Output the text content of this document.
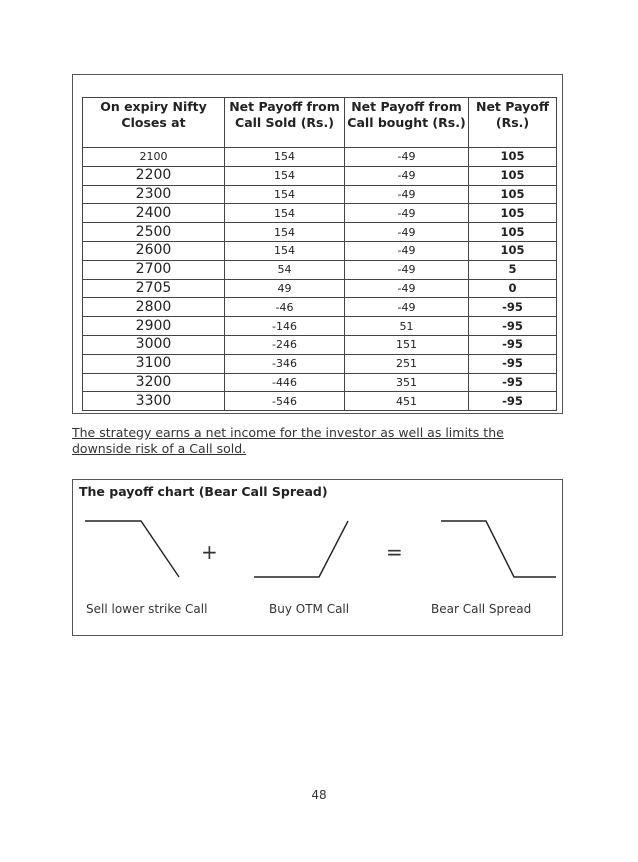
On expiry Nifty Closes at	Net Payoff from Call Sold (Rs.)	Net Payoff from Call bought (Rs.)	Net Payoff (Rs.)
2100	154	-49	105
2200	154	-49	105
2300	154	-49	105
2400	154	-49	105
2500	154	-49	105
2600	154	-49	105
2700	54	-49	5
2705	49	-49	0
2800	-46	-49	-95
2900	-146	51	-95
3000	-246	151	-95
3100	-346	251	-95
3200	-446	351	-95
3300	-546	451	-95
The strategy earns a net income for the investor as well as limits the downside risk of a Call sold.
The payoff chart (Bear Call Spread)
+	=
Sell lower strike Call	Buy OTM Call	Bear Call Spread
48
